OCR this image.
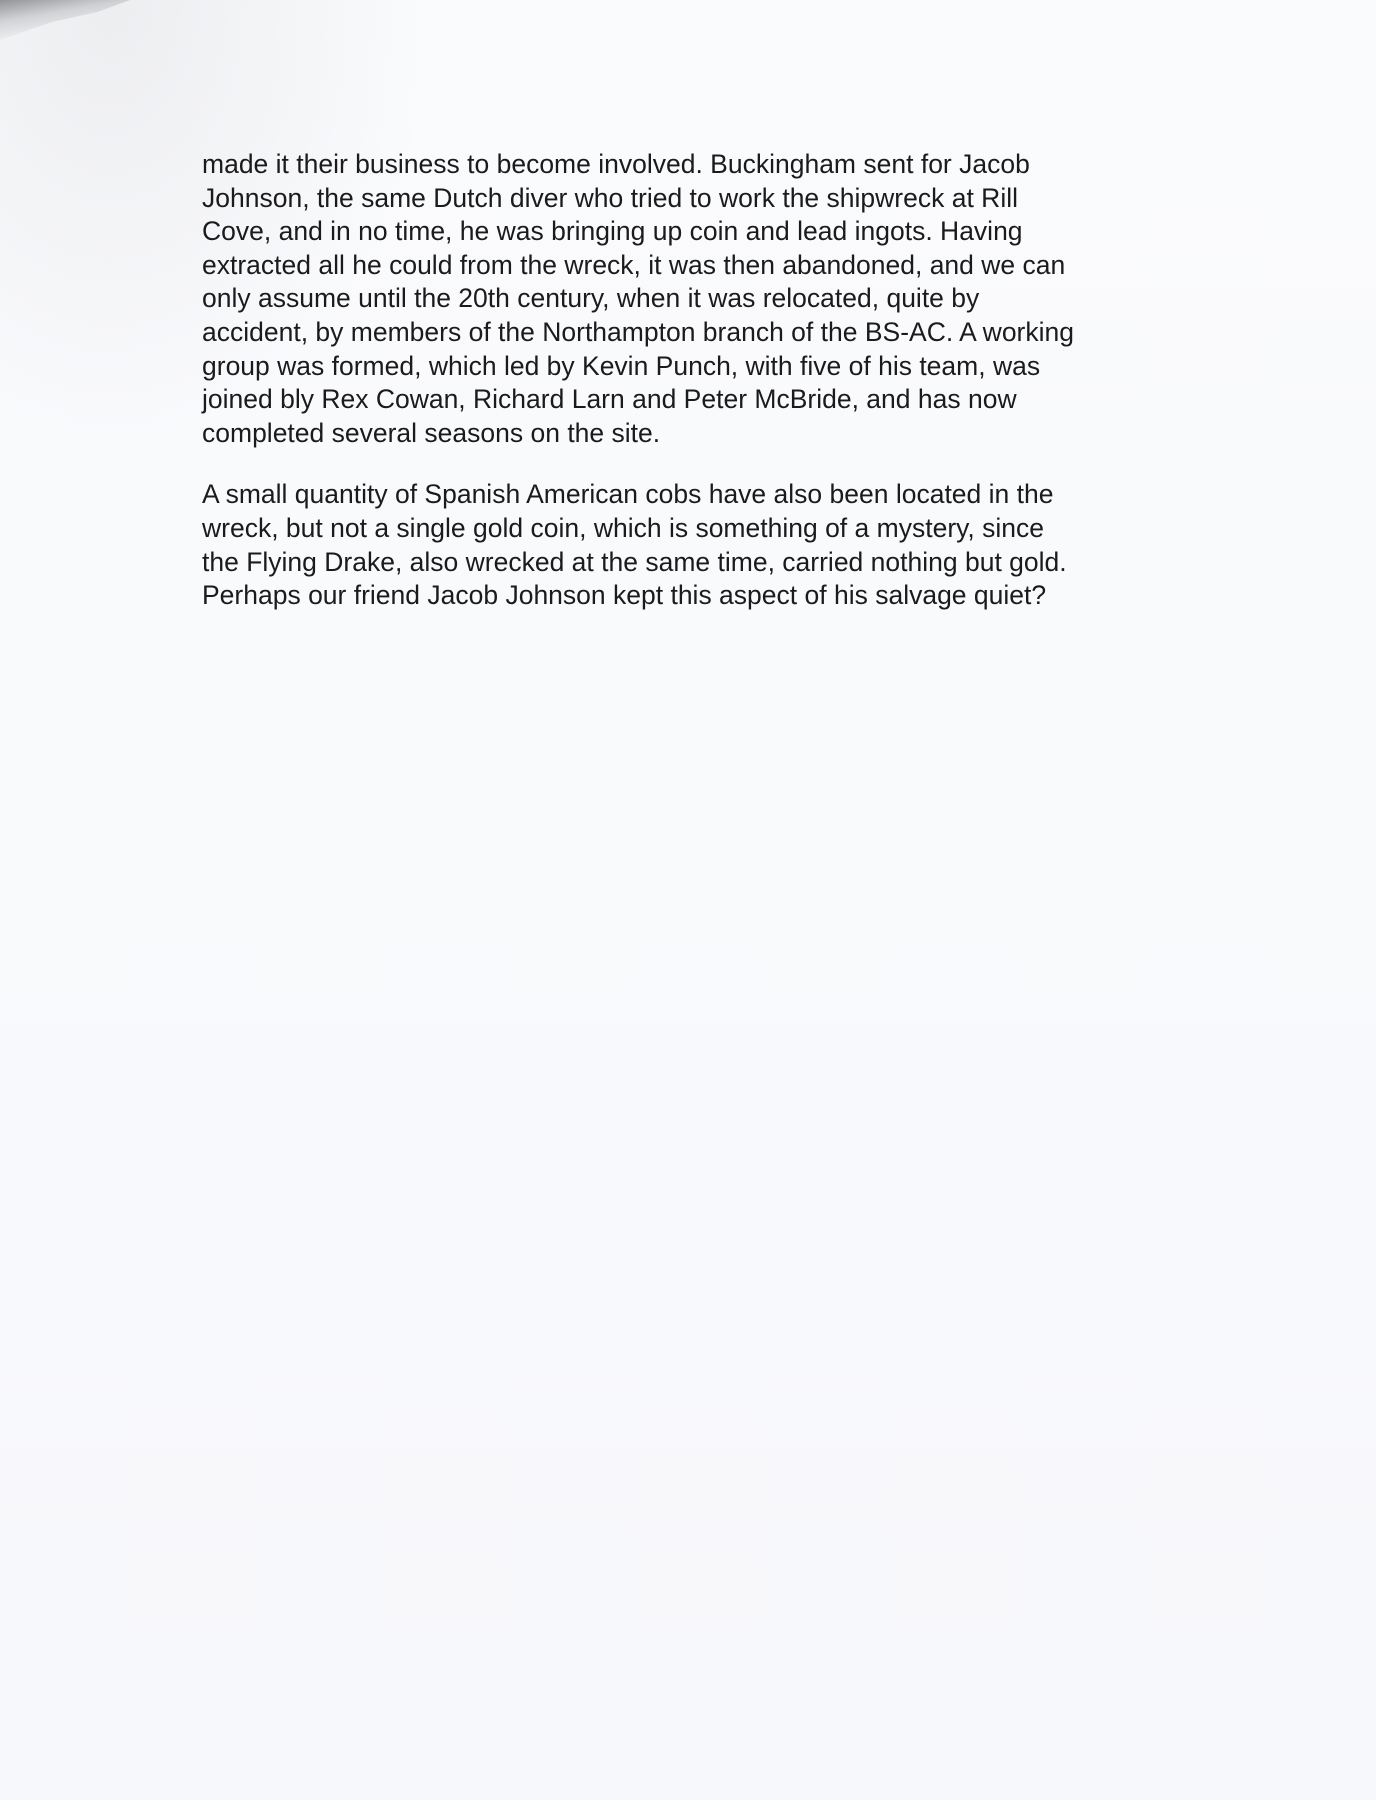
made it their business to become involved. Buckingham sent for Jacob
Johnson, the same Dutch diver who tried to work the shipwreck at Rill
Cove, and in no time, he was bringing up coin and lead ingots. Having
extracted all he could from the wreck, it was then abandoned, and we can
only assume until the 20th century, when it was relocated, quite by
accident, by members of the Northampton branch of the BS-AC. A working
group was formed, which led by Kevin Punch, with five of his team, was
joined bly Rex Cowan, Richard Larn and Peter McBride, and has now
completed several seasons on the site.

A small quantity of Spanish American cobs have also been located in the
wreck, but not a single gold coin, which is something of a mystery, since
the Flying Drake, also wrecked at the same time, carried nothing but gold.
Perhaps our friend Jacob Johnson kept this aspect of his salvage quiet?
